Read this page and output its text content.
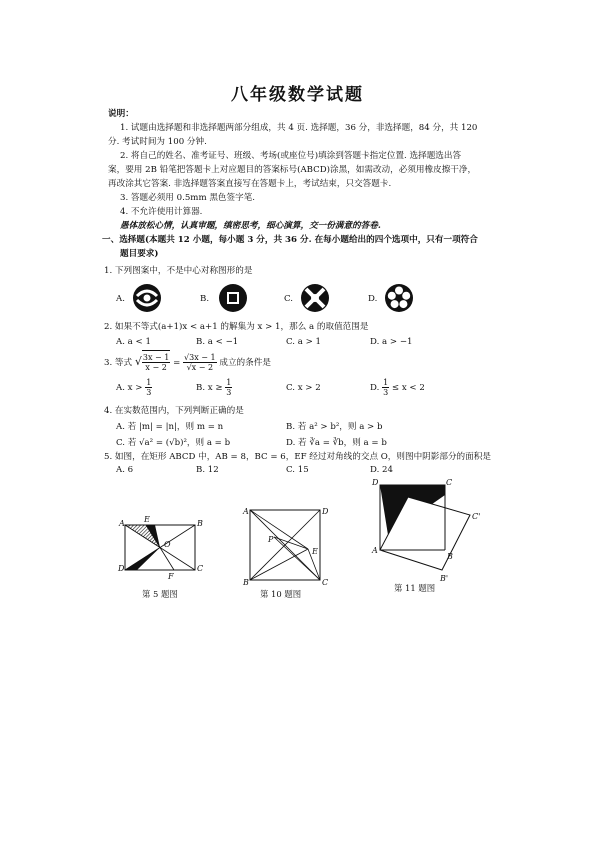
八年级数学试题
说明：
1. 试题由选择题和非选择题两部分组成，共 4 页. 选择题，36 分，非选择题，84 分，共 120
分. 考试时间为 100 分钟.
2. 将自己的姓名、准考证号、班级、考场(或座位号)填涂到答题卡指定位置. 选择题选出答
案，要用 2B 铅笔把答题卡上对应题目的答案标号(ABCD)涂黑，如需改动，必须用橡皮擦干净，
再改涂其它答案. 非选择题答案直接写在答题卡上，考试结束，只交答题卡.
3. 答题必须用 0.5mm 黑色签字笔.
4. 不允许使用计算器.
愚体放松心情，认真审题，缜密思考，细心演算，交一份满意的答卷.
一、选择题(本题共 12 小题，每小题 3 分，共 36 分. 在每小题给出的四个选项中，只有一项符合
题目要求)
1. 下列图案中，不是中心对称图形的是
A.	B.	C.	D.
2. 如果不等式(a+1)x < a+1 的解集为 x > 1，那么 a 的取值范围是
A. a < 1	B. a < −1	C. a > 1	D. a > −1
3. 等式 √ $\frac{3x - 1}{x - 2} = \frac{√3x - 1}{√x - 2}$ 成立的条件是
A. $x > \frac{1}{3}$	B. $x \ge \frac{1}{3}$	C. x > 2	D. $\frac{1}{3} \le x < 2$
4. 在实数范围内，下列判断正确的是
A. 若 |m| = |n|，则 m = n	B. 若 a² > b²，则 a > b
C. 若 √a² = (√b)²，则 a = b	D. 若 ∛a = ∛b，则 a = b
5. 如图，在矩形 ABCD 中，AB = 8，BC = 6，EF 经过对角线的交点 O，则图中阴影部分的面积是
A. 6	B. 12	C. 15	D. 24
A E	B
O
D
F
C
第 5 题图
A	D
P
E
B	C
第 10 题图
D	C
C'
A
B
B'
第 11 题图
